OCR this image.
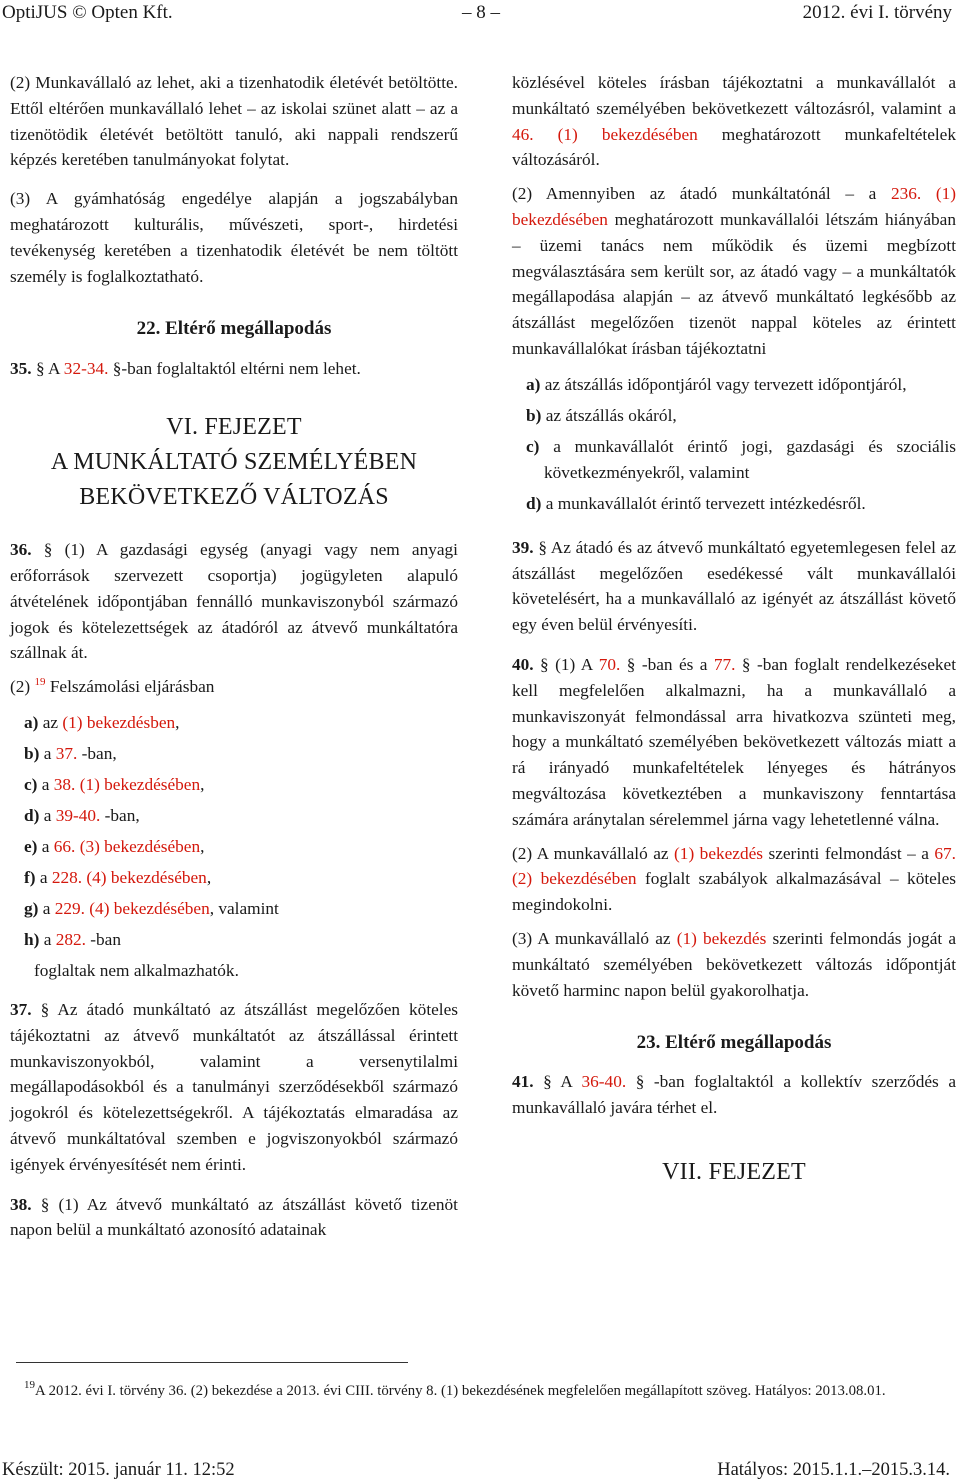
OptiJUS © Opten Kft.	– 8 –	2012. évi I. törvény

(2) Munkavállaló az lehet, aki a tizenhatodik életévét betöltötte. Ettől eltérően munkavállaló lehet – az iskolai szünet alatt – az a tizenötödik életévét betöltött tanuló, aki nappali rendszerű képzés keretében tanulmányokat folytat.

(3) A gyámhatóság engedélye alapján a jogszabályban meghatározott kulturális, művészeti, sport-, hirdetési tevékenység keretében a tizenhatodik életévét be nem töltött személy is foglalkoztatható.

22. Eltérő megállapodás

35. § A 32-34. §-ban foglaltaktól eltérni nem lehet.

VI. FEJEZET
A MUNKÁLTATÓ SZEMÉLYÉBEN
BEKÖVETKEZŐ VÁLTOZÁS

36. § (1) A gazdasági egység (anyagi vagy nem anyagi erőforrások szervezett csoportja) jogügyleten alapuló átvételének időpontjában fennálló munkaviszonyból származó jogok és kötelezettségek az átadóról az átvevő munkáltatóra szállnak át.

(2) $^{19}$ Felszámolási eljárásban

a) az (1) bekezdésben,
b) a 37. -ban,
c) a 38. (1) bekezdésében,
d) a 39-40. -ban,
e) a 66. (3) bekezdésében,
f) a 228. (4) bekezdésében,
g) a 229. (4) bekezdésében, valamint
h) a 282. -ban
foglaltak nem alkalmazhatók.

37. § Az átadó munkáltató az átszállást megelőzően köteles tájékoztatni az átvevő munkáltatót az átszállással érintett munkaviszonyokból, valamint a versenytilalmi megállapodásokból és a tanulmányi szerződésekből származó jogokról és kötelezettségekről. A tájékoztatás elmaradása az átvevő munkáltatóval szemben e jogviszonyokból származó igények érvényesítését nem érinti.

38. § (1) Az átvevő munkáltató az átszállást követő tizenöt napon belül a munkáltató azonosító adatainak

közlésével köteles írásban tájékoztatni a munkavállalót a munkáltató személyében bekövetkezett változásról, valamint a 46. (1) bekezdésében meghatározott munkafeltételek változásáról.

(2) Amennyiben az átadó munkáltatónál – a 236. (1) bekezdésében meghatározott munkavállalói létszám hiányában – üzemi tanács nem működik és üzemi megbízott megválasztására sem került sor, az átadó vagy – a munkáltatók megállapodása alapján – az átvevő munkáltató legkésőbb az átszállást megelőzően tizenöt nappal köteles az érintett munkavállalókat írásban tájékoztatni

a) az átszállás időpontjáról vagy tervezett időpontjáról,
b) az átszállás okáról,
c) a munkavállalót érintő jogi, gazdasági és szociális következményekről, valamint
d) a munkavállalót érintő tervezett intézkedésről.

39. § Az átadó és az átvevő munkáltató egyetemlegesen felel az átszállást megelőzően esedékessé vált munkavállalói követelésért, ha a munkavállaló az igényét az átszállást követő egy éven belül érvényesíti.

40. § (1) A 70. § -ban és a 77. § -ban foglalt rendelkezéseket kell megfelelően alkalmazni, ha a munkavállaló a munkaviszonyát felmondással arra hivatkozva szünteti meg, hogy a munkáltató személyében bekövetkezett változás miatt a rá irányadó munkafeltételek lényeges és hátrányos megváltozása következtében a munkaviszony fenntartása számára aránytalan sérelemmel járna vagy lehetetlenné válna.

(2) A munkavállaló az (1) bekezdés szerinti felmondást – a 67. (2) bekezdésében foglalt szabályok alkalmazásával – köteles megindokolni.

(3) A munkavállaló az (1) bekezdés szerinti felmondás jogát a munkáltató személyében bekövetkezett változás időpontját követő harminc napon belül gyakorolhatja.

23. Eltérő megállapodás

41. § A 36-40. § -ban foglaltaktól a kollektív szerződés a munkavállaló javára térhet el.

VII. FEJEZET
$^{19}$A 2012. évi I. törvény 36. (2) bekezdése a 2013. évi CIII. törvény 8. (1) bekezdésének megfelelően megállapított szöveg. Hatályos: 2013.08.01.
Készült: 2015. január 11. 12:52	Hatályos: 2015.1.1.–2015.3.14.
